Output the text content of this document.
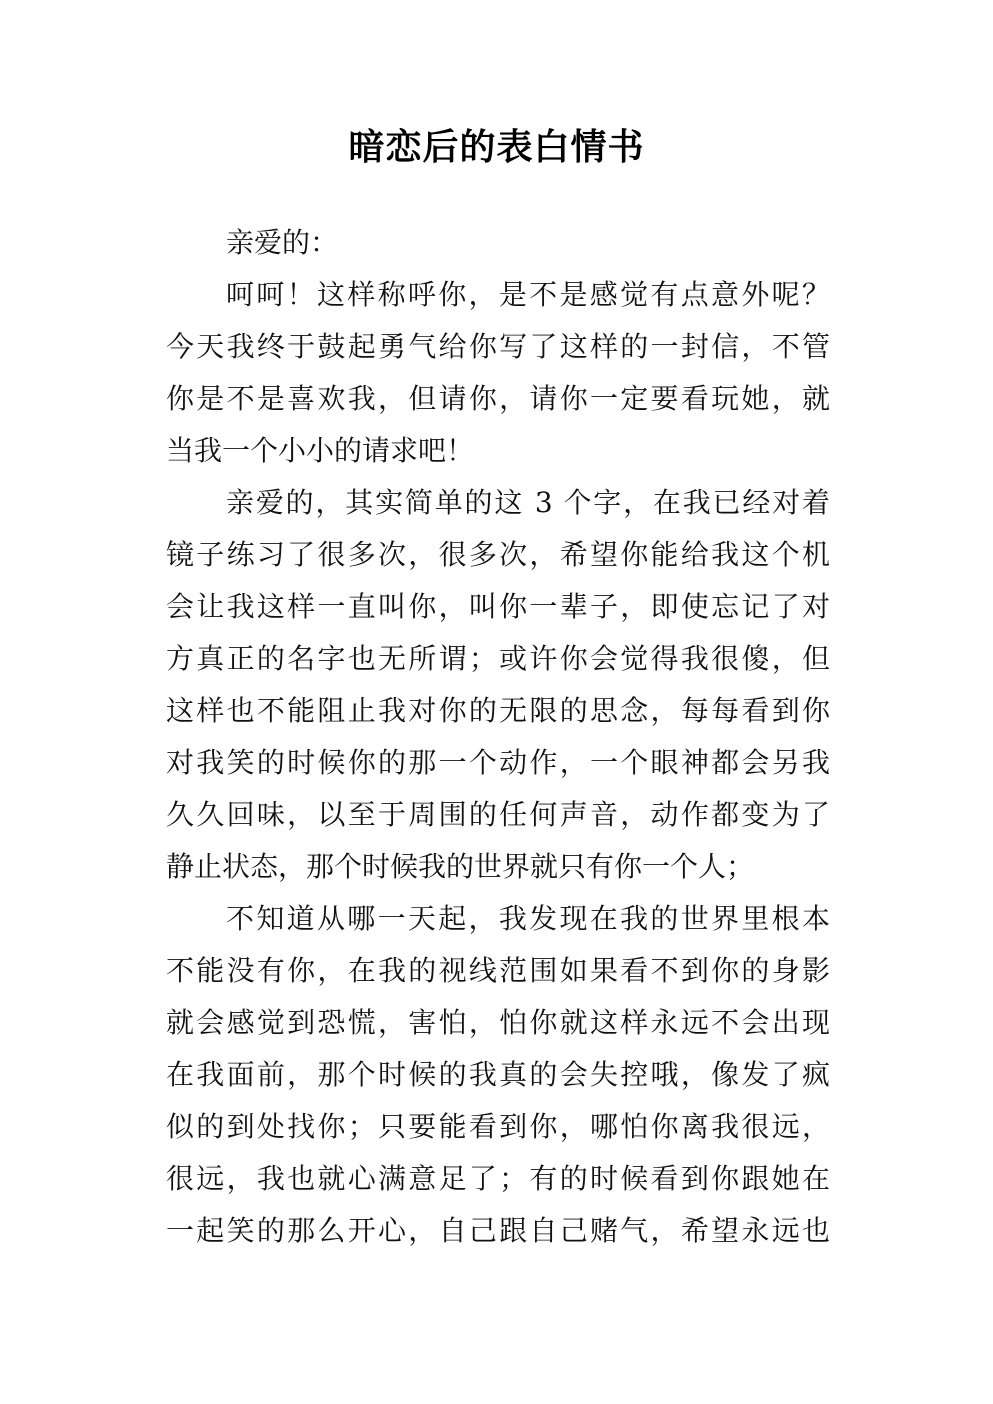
暗恋后的表白情书
亲爱的：
呵呵！这样称呼你，是不是感觉有点意外呢？
今天我终于鼓起勇气给你写了这样的一封信，不管
你是不是喜欢我，但请你，请你一定要看玩她，就
当我一个小小的请求吧！
亲爱的，其实简单的这 3 个字，在我已经对着
镜子练习了很多次，很多次，希望你能给我这个机
会让我这样一直叫你，叫你一辈子，即使忘记了对
方真正的名字也无所谓；或许你会觉得我很傻，但
这样也不能阻止我对你的无限的思念，每每看到你
对我笑的时候你的那一个动作，一个眼神都会另我
久久回味，以至于周围的任何声音，动作都变为了
静止状态，那个时候我的世界就只有你一个人；
不知道从哪一天起，我发现在我的世界里根本
不能没有你，在我的视线范围如果看不到你的身影
就会感觉到恐慌，害怕，怕你就这样永远不会出现
在我面前，那个时候的我真的会失控哦，像发了疯
似的到处找你；只要能看到你，哪怕你离我很远，
很远，我也就心满意足了；有的时候看到你跟她在
一起笑的那么开心，自己跟自己赌气，希望永远也
